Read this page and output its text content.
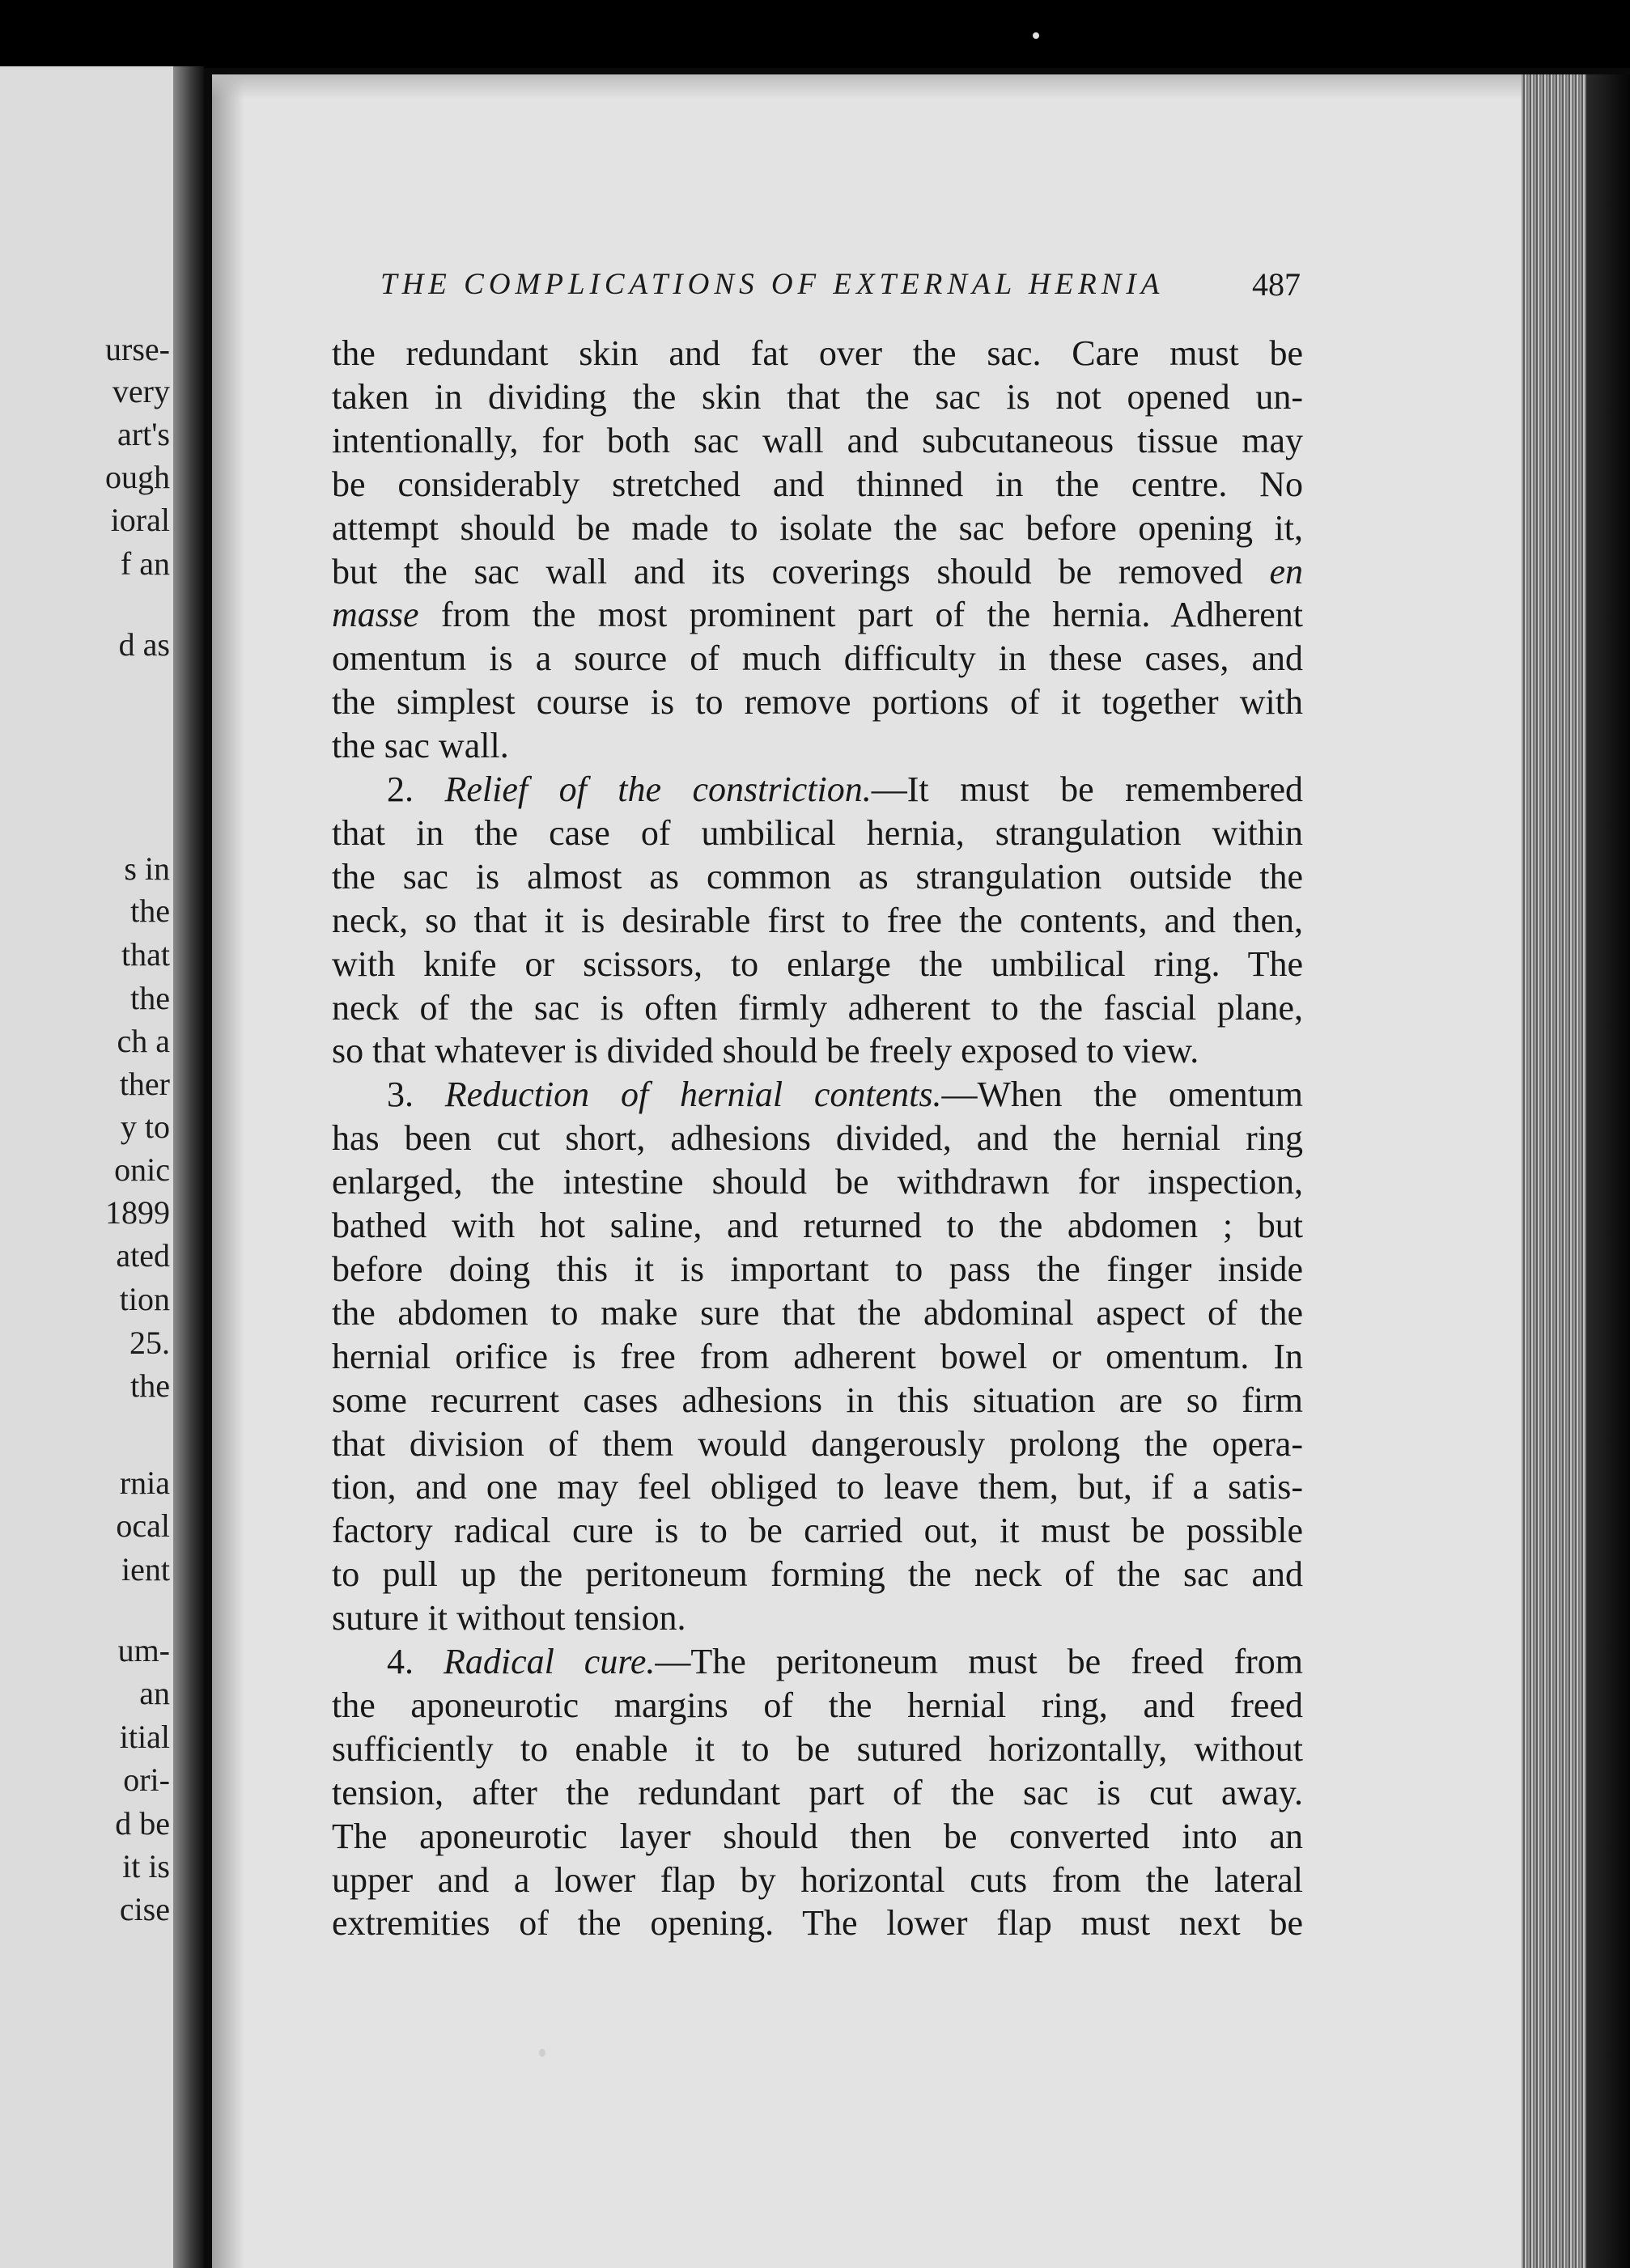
THE COMPLICATIONS OF EXTERNAL HERNIA	487
urse-
very
art's
ough
ioral
f an
d as
s in
the
that
the
ch a
ther
y to
onic
1899
ated
tion
25.
the
rnia
ocal
ient
um-
an
itial
ori-
d be
it is
cise
the redundant skin and fat over the sac. Care must be
taken in dividing the skin that the sac is not opened un-
intentionally, for both sac wall and subcutaneous tissue may
be considerably stretched and thinned in the centre. No
attempt should be made to isolate the sac before opening it,
but the sac wall and its coverings should be removed en
masse from the most prominent part of the hernia. Adherent
omentum is a source of much difficulty in these cases, and
the simplest course is to remove portions of it together with
the sac wall.
2. Relief of the constriction.—It must be remembered
that in the case of umbilical hernia, strangulation within
the sac is almost as common as strangulation outside the
neck, so that it is desirable first to free the contents, and then,
with knife or scissors, to enlarge the umbilical ring. The
neck of the sac is often firmly adherent to the fascial plane,
so that whatever is divided should be freely exposed to view.
3. Reduction of hernial contents.—When the omentum
has been cut short, adhesions divided, and the hernial ring
enlarged, the intestine should be withdrawn for inspection,
bathed with hot saline, and returned to the abdomen ; but
before doing this it is important to pass the finger inside
the abdomen to make sure that the abdominal aspect of the
hernial orifice is free from adherent bowel or omentum. In
some recurrent cases adhesions in this situation are so firm
that division of them would dangerously prolong the opera-
tion, and one may feel obliged to leave them, but, if a satis-
factory radical cure is to be carried out, it must be possible
to pull up the peritoneum forming the neck of the sac and
suture it without tension.
4. Radical cure.—The peritoneum must be freed from
the aponeurotic margins of the hernial ring, and freed
sufficiently to enable it to be sutured horizontally, without
tension, after the redundant part of the sac is cut away.
The aponeurotic layer should then be converted into an
upper and a lower flap by horizontal cuts from the lateral
extremities of the opening. The lower flap must next be
